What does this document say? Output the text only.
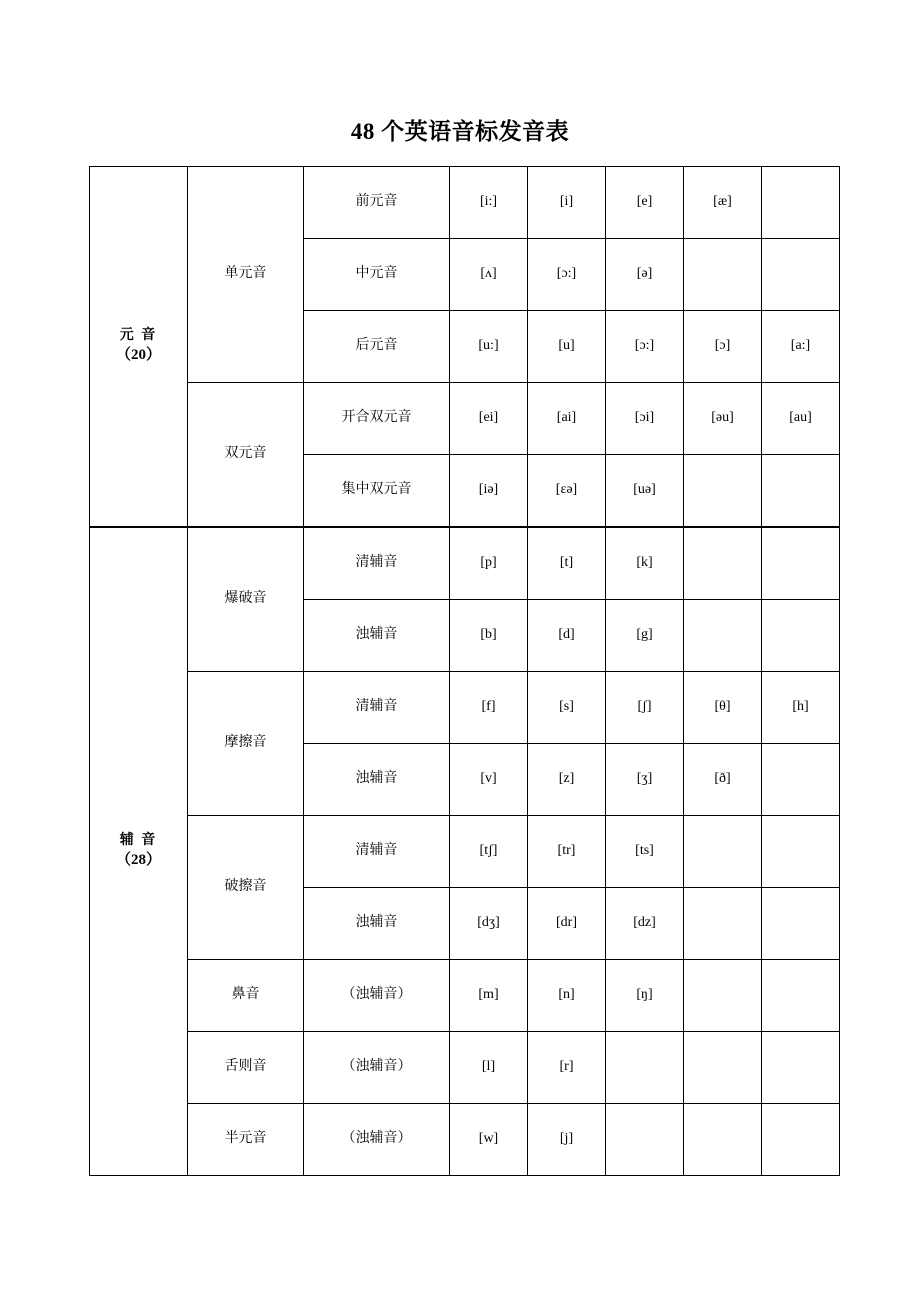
48 个英语音标发音表
元 音
（20）	单元音	前元音	[i:]	[i]	[e]	[æ]	
		中元音	[ʌ]	[ɔ:]	[ə]		
		后元音	[u:]	[u]	[ɔ:]	[ɔ]	[a:]
	双元音	开合双元音	[ei]	[ai]	[ɔi]	[əu]	[au]
		集中双元音	[iə]	[ɛə]	[uə]		
辅 音
（28）	爆破音	清辅音	[p]	[t]	[k]		
		浊辅音	[b]	[d]	[g]		
	摩擦音	清辅音	[f]	[s]	[ʃ]	[θ]	[h]
		浊辅音	[v]	[z]	[ʒ]	[ð]	
	破擦音	清辅音	[tʃ]	[tr]	[ts]		
		浊辅音	[dʒ]	[dr]	[dz]		
	鼻音	（浊辅音）	[m]	[n]	[ŋ]		
	舌则音	（浊辅音）	[l]	[r]			
	半元音	（浊辅音）	[w]	[j]			
